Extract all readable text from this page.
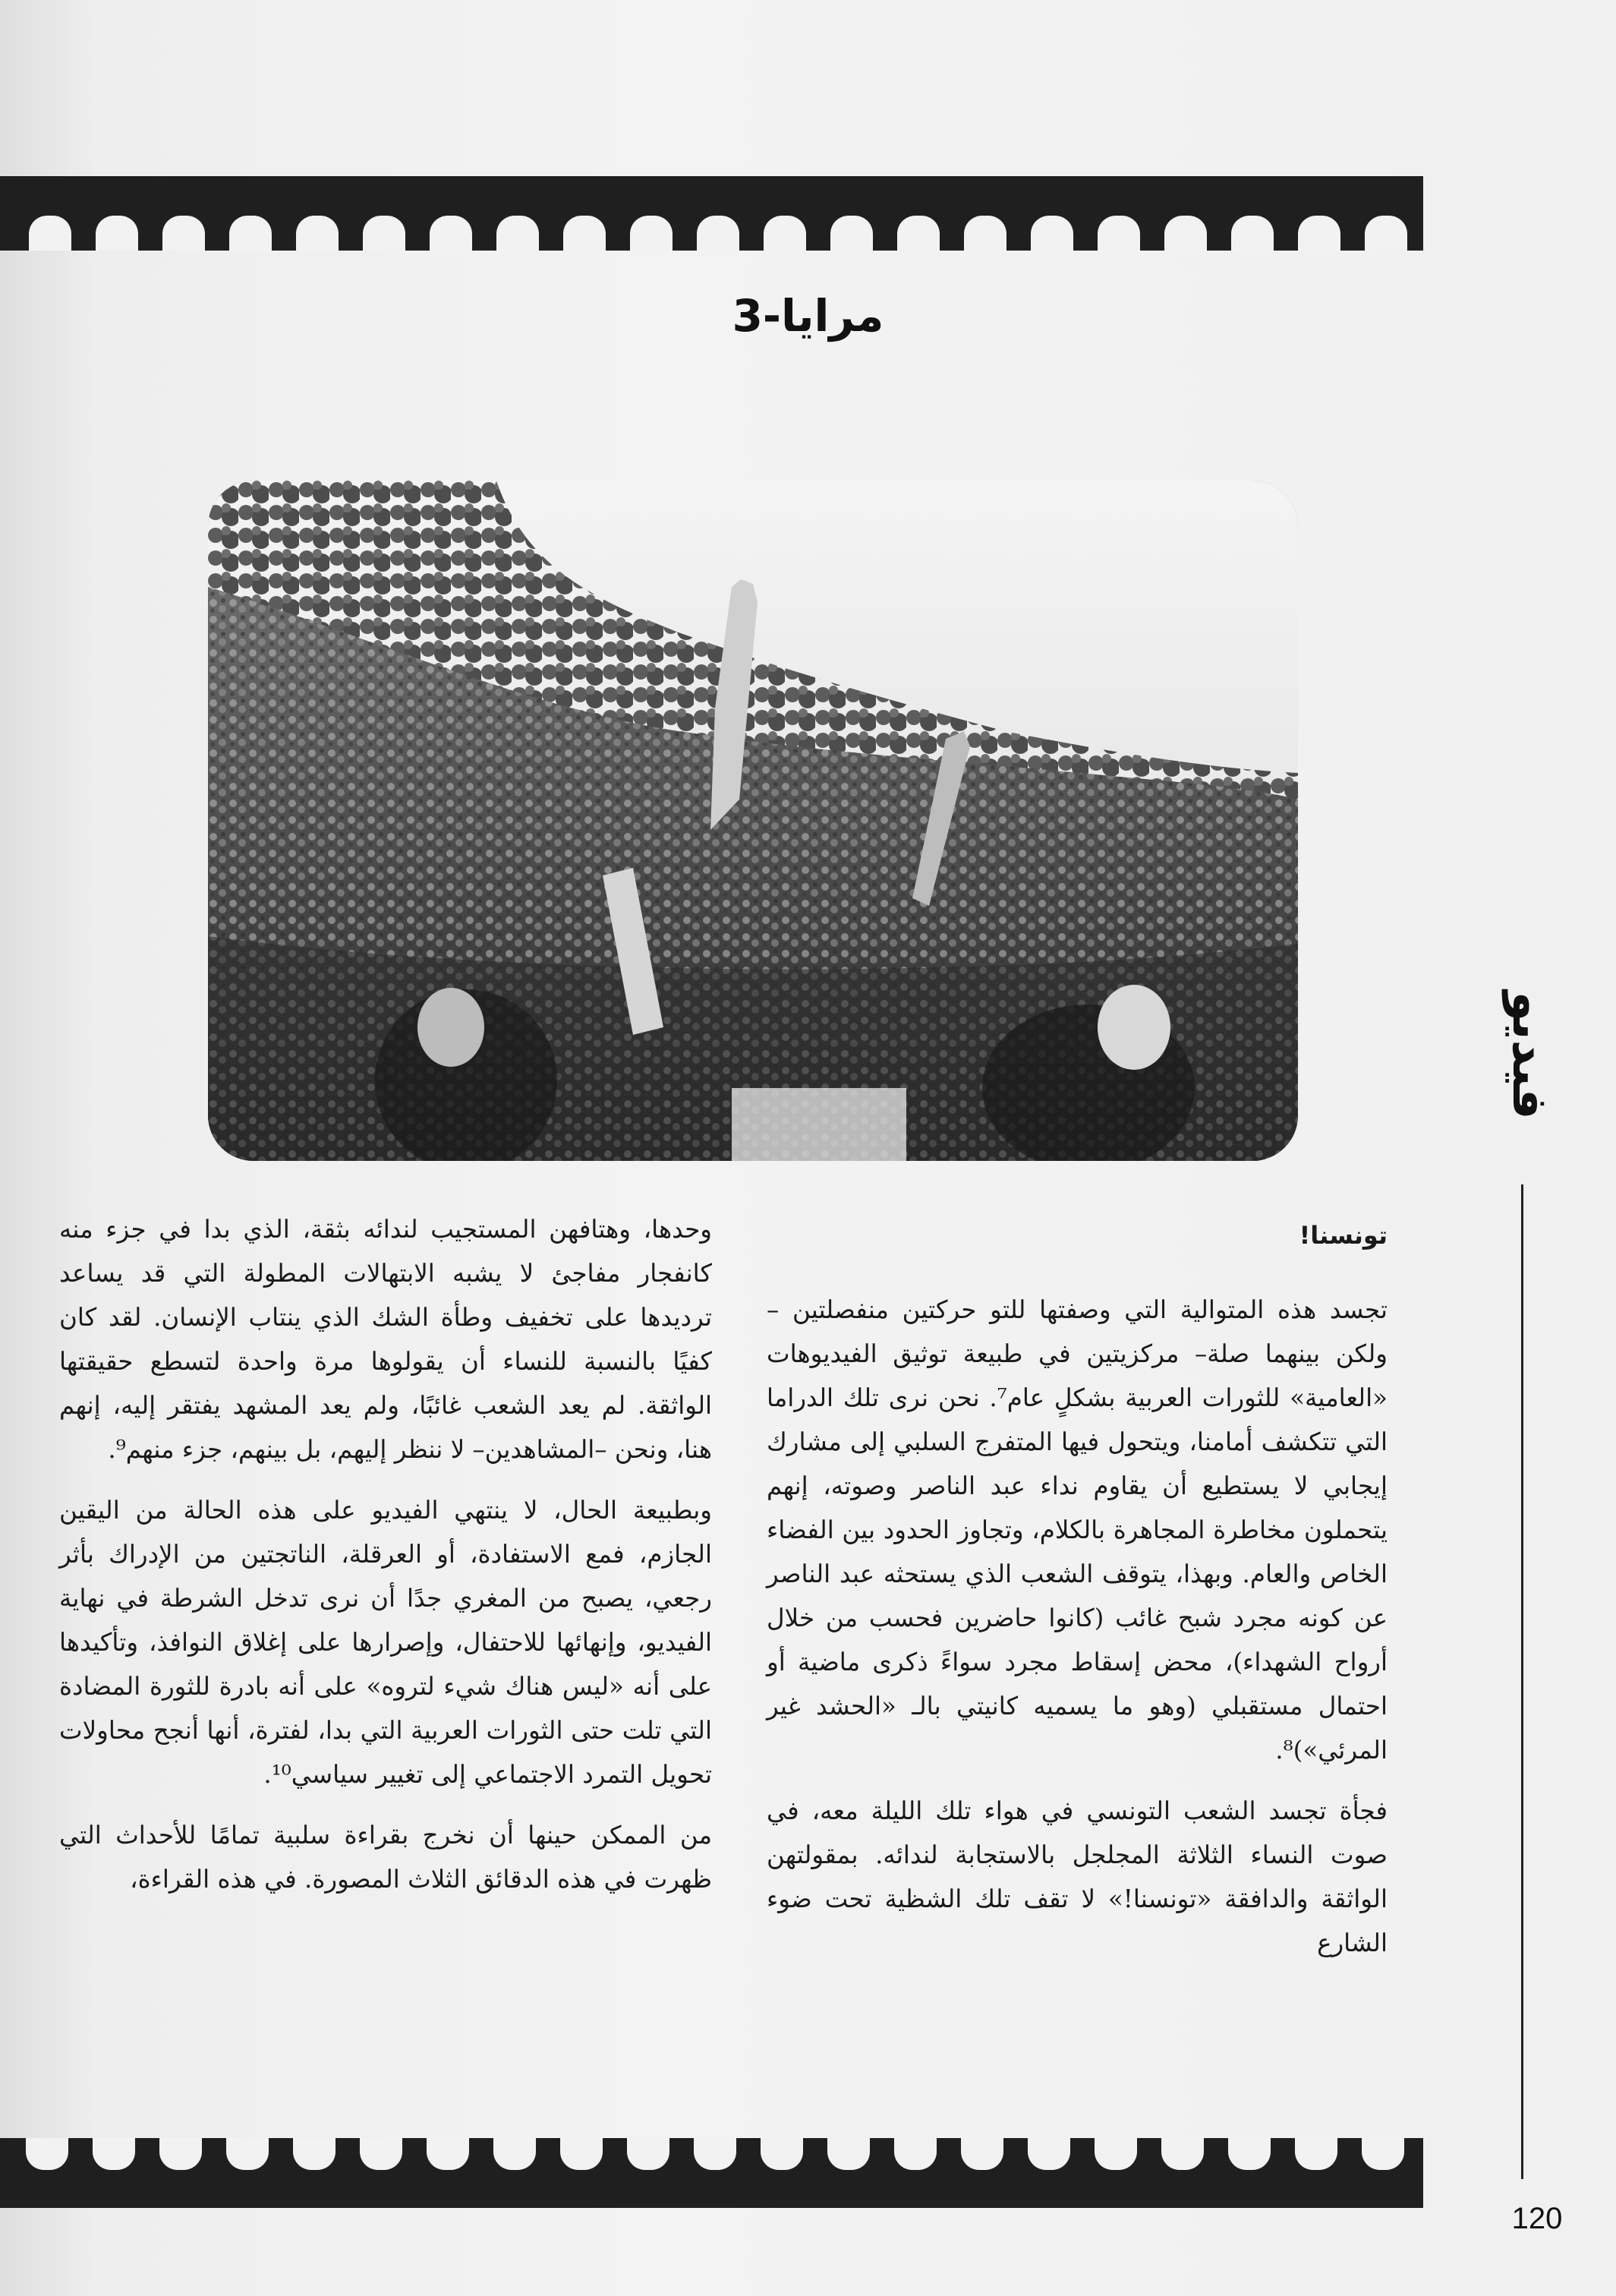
مرايا-3
فيديو
120

تونسنا!

تجسد هذه المتوالية التي وصفتها للتو حركتين منفصلتين –ولكن بينهما صلة– مركزيتين في طبيعة توثيق الفيديوهات «العامية» للثورات العربية بشكلٍ عام⁷. نحن نرى تلك الدراما التي تتكشف أمامنا، ويتحول فيها المتفرج السلبي إلى مشارك إيجابي لا يستطيع أن يقاوم نداء عبد الناصر وصوته، إنهم يتحملون مخاطرة المجاهرة بالكلام، وتجاوز الحدود بين الفضاء الخاص والعام. وبهذا، يتوقف الشعب الذي يستحثه عبد الناصر عن كونه مجرد شبح غائب (كانوا حاضرين فحسب من خلال أرواح الشهداء)، محض إسقاط مجرد سواءً ذكرى ماضية أو احتمال مستقبلي (وهو ما يسميه كانيتي بالـ «الحشد غير المرئي»)⁸.

فجأة تجسد الشعب التونسي في هواء تلك الليلة معه، في صوت النساء الثلاثة المجلجل بالاستجابة لندائه. بمقولتهن الواثقة والدافقة «تونسنا!» لا تقف تلك الشظية تحت ضوء الشارع

وحدها، وهتافهن المستجيب لندائه بثقة، الذي بدا في جزء منه كانفجار مفاجئ لا يشبه الابتهالات المطولة التي قد يساعد ترديدها على تخفيف وطأة الشك الذي ينتاب الإنسان. لقد كان كفيًا بالنسبة للنساء أن يقولوها مرة واحدة لتسطع حقيقتها الواثقة. لم يعد الشعب غائبًا، ولم يعد المشهد يفتقر إليه، إنهم هنا، ونحن –المشاهدين– لا ننظر إليهم، بل بينهم، جزء منهم⁹.

وبطبيعة الحال، لا ينتهي الفيديو على هذه الحالة من اليقين الجازم، فمع الاستفادة، أو العرقلة، الناتجتين من الإدراك بأثر رجعي، يصبح من المغري جدًا أن نرى تدخل الشرطة في نهاية الفيديو، وإنهائها للاحتفال، وإصرارها على إغلاق النوافذ، وتأكيدها على أنه «ليس هناك شيء لتروه» على أنه بادرة للثورة المضادة التي تلت حتى الثورات العربية التي بدا، لفترة، أنها أنجح محاولات تحويل التمرد الاجتماعي إلى تغيير سياسي¹⁰.

من الممكن حينها أن نخرج بقراءة سلبية تمامًا للأحداث التي ظهرت في هذه الدقائق الثلاث المصورة. في هذه القراءة،
